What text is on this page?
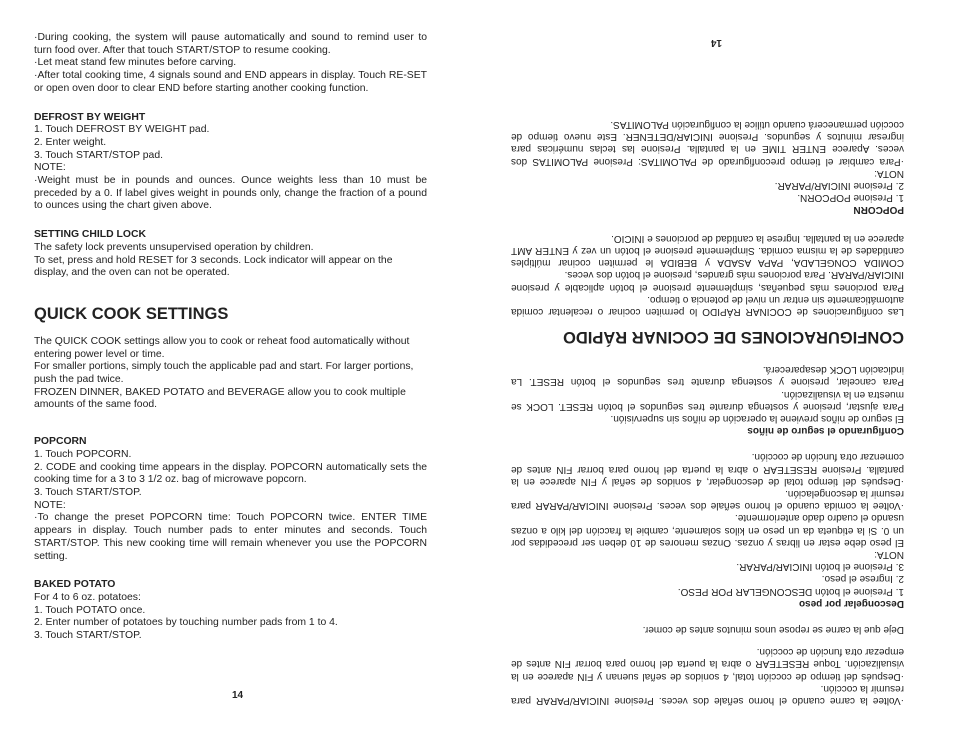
·During cooking, the system will pause automatically and sound to remind user to turn food over. After that touch START/STOP to resume cooking.

·Let meat stand few minutes before carving.

·After total cooking time, 4 signals sound and END appears in display. Touch RE-SET or open oven door to clear END before starting another cooking function.

DEFROST BY WEIGHT

1. Touch DEFROST BY WEIGHT pad.

2. Enter weight.

3. Touch START/STOP pad.

NOTE:

·Weight must be in pounds and ounces. Ounce weights less than 10 must be preceded by a 0. If label gives weight in pounds only, change the fraction of a pound to ounces using the chart given above.

SETTING CHILD LOCK

The safety lock prevents unsupervised operation by children.

To set, press and hold RESET for 3 seconds. Lock indicator will appear on the display, and the oven can not be operated.

QUICK COOK SETTINGS

The QUICK COOK settings allow you to cook or reheat food automatically without entering power level or time.

For smaller portions, simply touch the applicable pad and start. For larger portions, push the pad twice.

FROZEN DINNER, BAKED POTATO and BEVERAGE allow you to cook multiple amounts of the same food.

POPCORN

1. Touch POPCORN.

2. CODE and cooking time appears in the display. POPCORN automatically sets the cooking time for a 3 to 3 1/2 oz. bag of microwave popcorn.

3. Touch START/STOP.

NOTE:

·To change the preset POPCORN time: Touch POPCORN twice. ENTER TIME appears in display. Touch number pads to enter minutes and seconds. Touch START/STOP. This new cooking time will remain whenever you use the POPCORN setting.

BAKED POTATO

For 4 to 6 oz. potatoes:

1. Touch POTATO once.

2. Enter number of potatoes by touching number pads from 1 to 4.

3. Touch START/STOP.

14	·Voltee la carne cuando el horno señale dos veces. Presione INICIAR/PARAR para resumir la cocción.

·Después del tiempo de cocción total, 4 sonidos de señal suenan y FIN aparece en la visualización. Toque RESETEAR o abra la puerta del horno para borrar FIN antes de empezar otra función de cocción.

Deje que la carne se repose unos minutos antes de comer.

Descongelar por peso

1. Presione el botón DESCONGELAR POR PESO.

2. Ingrese el peso.

3. Presione el botón INICIAR/PARAR.

NOTA:

El peso debe estar en libras y onzas. Onzas menores de 10 deben ser precedidas por un 0. Si la etiqueta da un peso en kilos solamente, cambie la fracción del kilo a onzas usando el cuadro dado anteriormente.

·Voltee la comida cuando el horno señale dos veces. Presione INICIAR/PARAR para resumir la descongelación.

·Después del tiempo total de descongelar, 4 sonidos de señal y FIN aparece en la pantalla. Presione RESETEAR o abra la puerta del horno para borrar FIN antes de comenzar otra función de cocción.

Configurando el seguro de niños

El seguro de niños previene la operación de niños sin supervisión.

Para ajustar, presione y sostenga durante tres segundos el botón RESET. LOCK se muestra en la visualización.

Para cancelar, presione y sostenga durante tres segundos el botón RESET. La indicación LOCK desaparecerá.

CONFIGURACIONES DE COCINAR RÁPIDO

Las configuraciones de COCINAR RÁPIDO lo permiten cocinar o recalentar comida automáticamente sin entrar un nivel de potencia o tiempo.

Para porciones más pequeñas, simplemente presione el botón aplicable y presione INICIAR/PARAR. Para porciones más grandes, presione el botón dos veces.

COMIDA CONGELADA, PAPA ASADA y BEBIDA le permiten cocinar múltiples cantidades de la misma comida. Simplemente presione el botón un vez y ENTER AMT aparece en la pantalla. Ingrese la cantidad de porciones e INICIO.

POPCORN

1. Presione POPCORN.

2. Presione INICIAR/PARAR.

NOTA:

·Para cambiar el tiempo preconfigurado de PALOMITAS: Presione PALOMITAS dos veces. Aparece ENTER TIME en la pantalla. Presione las teclas numéricas para ingresar minutos y segundos. Presione INICIAR/DETENER. Este nuevo tiempo de cocción permanecerá cuando utilice la configuración PALOMITAS.

14
